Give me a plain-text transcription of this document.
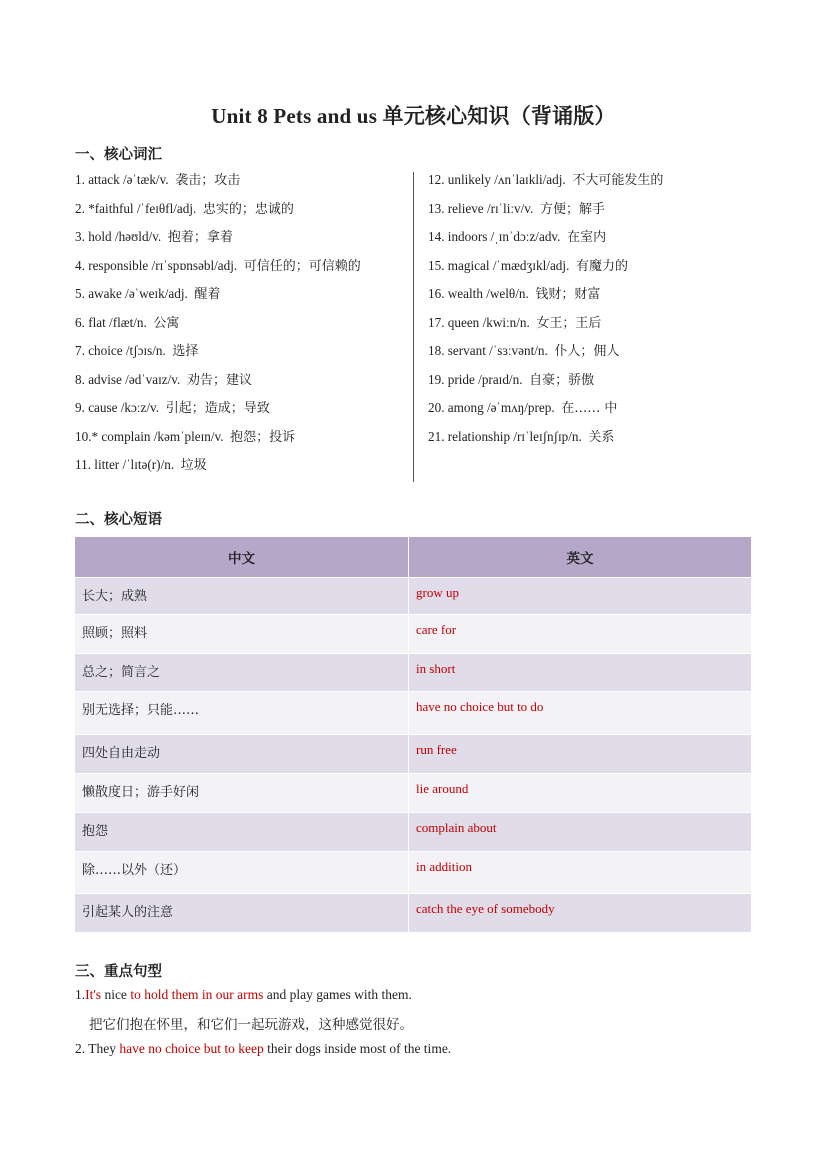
Unit 8 Pets and us 单元核心知识（背诵版）
一、核心词汇
1. attack /əˈtæk/v. 袭击；攻击
2. *faithful /ˈfeɪθfl/adj. 忠实的；忠诚的
3. hold /həʊld/v. 抱着；拿着
4. responsible /rɪˈspɒnsəbl/adj. 可信任的；可信赖的
5. awake /əˈweɪk/adj. 醒着
6. flat /flæt/n. 公寓
7. choice /tʃɔɪs/n. 选择
8. advise /ədˈvaɪz/v. 劝告；建议
9. cause /kɔːz/v. 引起；造成；导致
10.* complain /kəmˈpleɪn/v. 抱怨；投诉
11. litter /ˈlɪtə(r)/n. 垃圾
12. unlikely /ʌnˈlaɪkli/adj. 不大可能发生的
13. relieve /rɪˈliːv/v. 方便；解手
14. indoors /ˌɪnˈdɔːz/adv. 在室内
15. magical /ˈmædʒɪkl/adj. 有魔力的
16. wealth /welθ/n. 钱财；财富
17. queen /kwiːn/n. 女王；王后
18. servant /ˈsɜːvənt/n. 仆人；佣人
19. pride /praɪd/n. 自豪；骄傲
20. among /əˈmʌŋ/prep. 在…… 中
21. relationship /rɪˈleɪʃnʃɪp/n. 关系
二、核心短语
中文	英文
长大；成熟	grow up
照顾；照料	care for
总之；简言之	in short
别无选择；只能……	have no choice but to do
四处自由走动	run free
懒散度日；游手好闲	lie around
抱怨	complain about
除……以外（还）	in addition
引起某人的注意	catch the eye of somebody
三、重点句型
1.It's nice to hold them in our arms and play games with them.
把它们抱在怀里，和它们一起玩游戏，这种感觉很好。
2. They have no choice but to keep their dogs inside most of the time.
